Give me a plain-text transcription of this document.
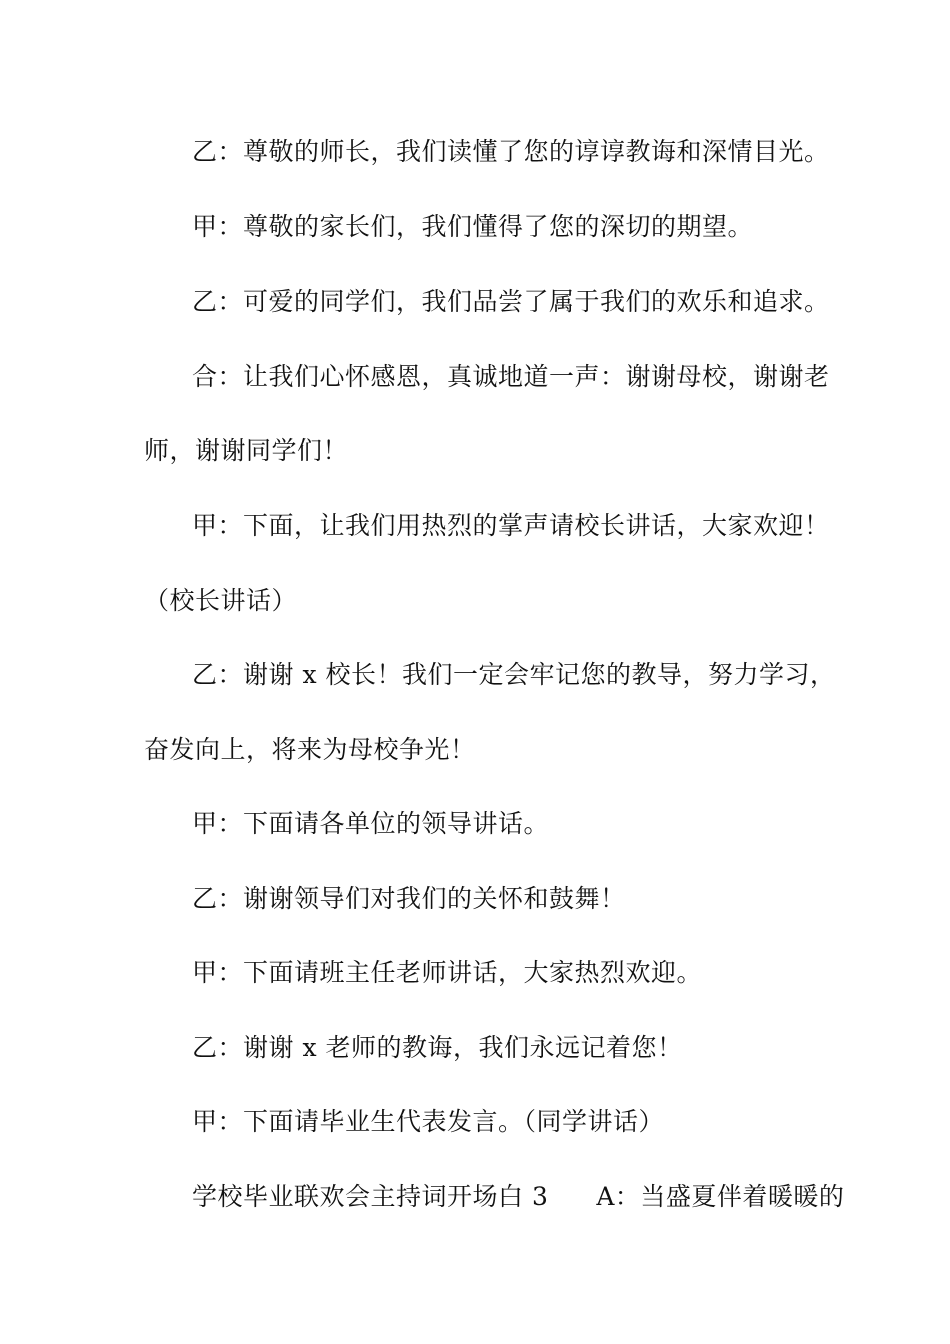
乙：尊敬的师长，我们读懂了您的谆谆教诲和深情目光。
甲：尊敬的家长们，我们懂得了您的深切的期望。
乙：可爱的同学们，我们品尝了属于我们的欢乐和追求。
合：让我们心怀感恩，真诚地道一声：谢谢母校，谢谢老
师，谢谢同学们！
甲：下面，让我们用热烈的掌声请校长讲话，大家欢迎！
（校长讲话）
乙：谢谢 x 校长！我们一定会牢记您的教导，努力学习，
奋发向上，将来为母校争光！
甲：下面请各单位的领导讲话。
乙：谢谢领导们对我们的关怀和鼓舞！
甲：下面请班主任老师讲话，大家热烈欢迎。
乙：谢谢 x 老师的教诲，我们永远记着您！
甲：下面请毕业生代表发言。（同学讲话）
学校毕业联欢会主持词开场白 3 A：当盛夏伴着暖暖的
